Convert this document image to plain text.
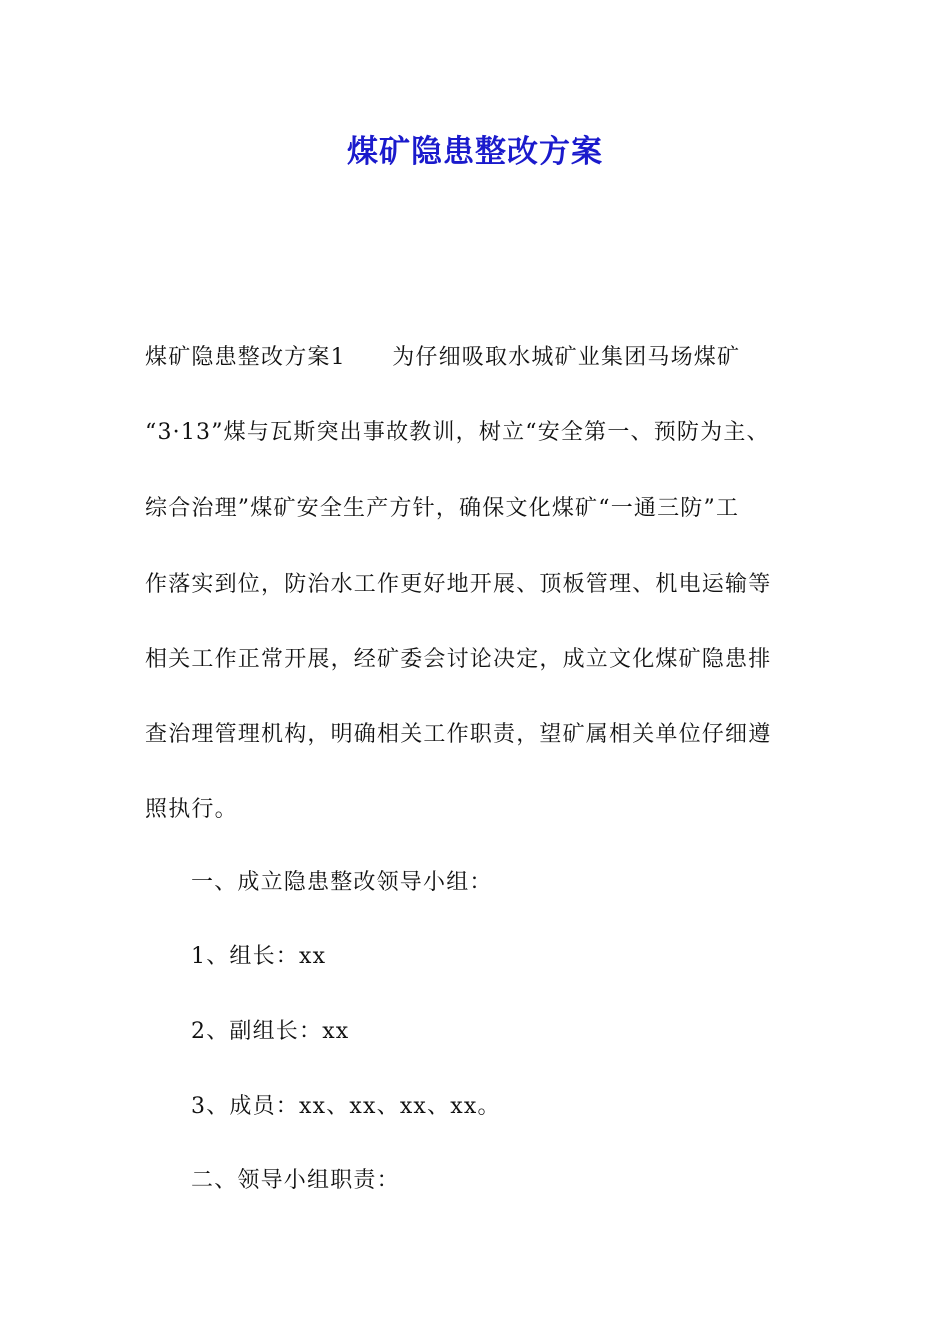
煤矿隐患整改方案
煤矿隐患整改方案1　　为仔细吸取水城矿业集团马场煤矿
“3·13”煤与瓦斯突出事故教训，树立“安全第一、预防为主、
综合治理”煤矿安全生产方针，确保文化煤矿“一通三防”工
作落实到位，防治水工作更好地开展、顶板管理、机电运输等
相关工作正常开展，经矿委会讨论决定，成立文化煤矿隐患排
查治理管理机构，明确相关工作职责，望矿属相关单位仔细遵
照执行。
一、成立隐患整改领导小组：
1、组长：xx
2、副组长：xx
3、成员：xx、xx、xx、xx。
二、领导小组职责：
